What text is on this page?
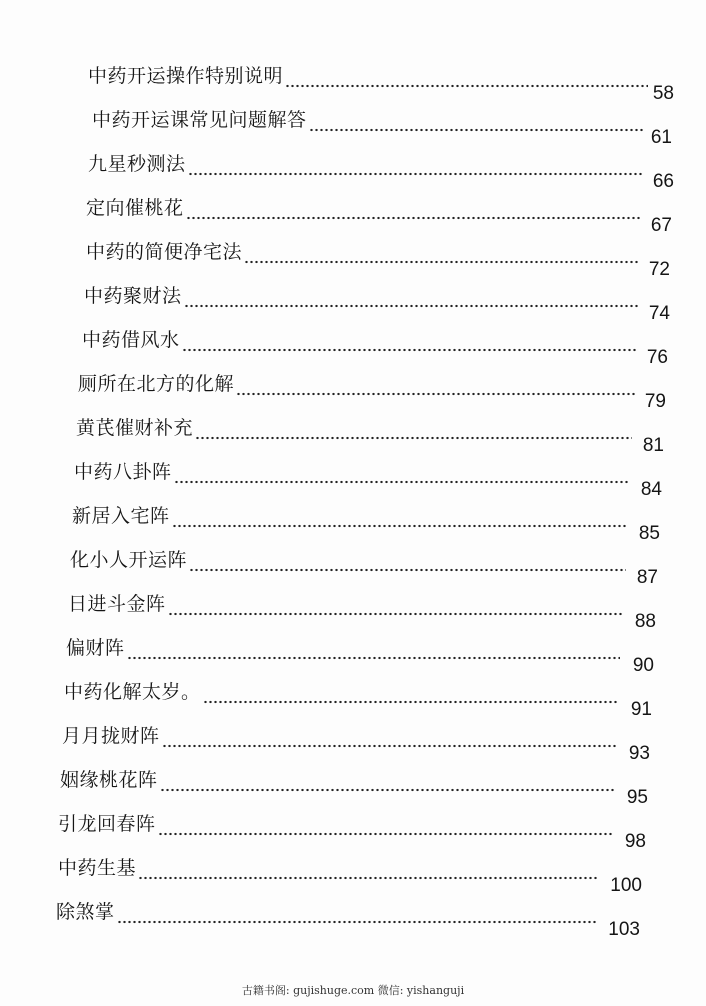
中药开运操作特别说明
58
中药开运课常见问题解答
61
九星秒测法
66
定向催桃花
67
中药的简便净宅法
72
中药聚财法
74
中药借风水
76
厕所在北方的化解
79
黄芪催财补充
81
中药八卦阵
84
新居入宅阵
85
化小人开运阵
87
日进斗金阵
88
偏财阵
90
中药化解太岁。
91
月月拢财阵
93
姻缘桃花阵
95
引龙回春阵
98
中药生基
100
除煞掌
103
古籍书阁: gujishuge.com 微信: yishanguji
